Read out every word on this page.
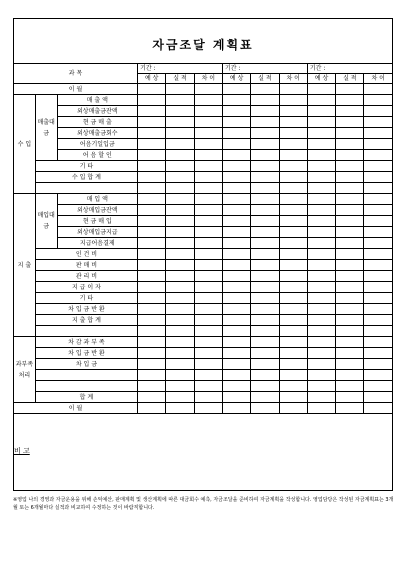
자금조달 계획표
과 목			기간 :			기간 :			기간 :		
			예 상	실 적	차 이	예 상	실 적	차 이	예 상	실 적	차 이
이 월											
수 입	매출대금	매 출 액									
		외상매출금잔액									
		현 금 매 출									
		외상매출금회수									
		어음기일입금									
		어 음 할 인									
	기 타										
	수 입 합 계										

지 출	매입대금	매 입 액									
		외상매입금잔액									
		현 금 매 입									
		외상매입금지급									
		지급어음결제									
	인 건 비										
	판 매 비										
	관 리 비										
	지 급 이 자										
	기 타										
	차 입 금 반 환										
	지 출 합 계										

과부족처리	차 감 과 부 족										
	차 입 금 반 환										
	차 입 금										

	합 계										
이 월											
비 고
※영업 나의 경영과 자금운용을 위해 손익예산, 판매계획 및 생산계획에 따른 대금회수 예측, 자금조달을 준비하여 자금계획을 작성합니다. 영업담당은 작성된 자금계획표는 3개월 또는 6개월마다 실적과 비교하여 수정하는 것이 바람직합니다.
